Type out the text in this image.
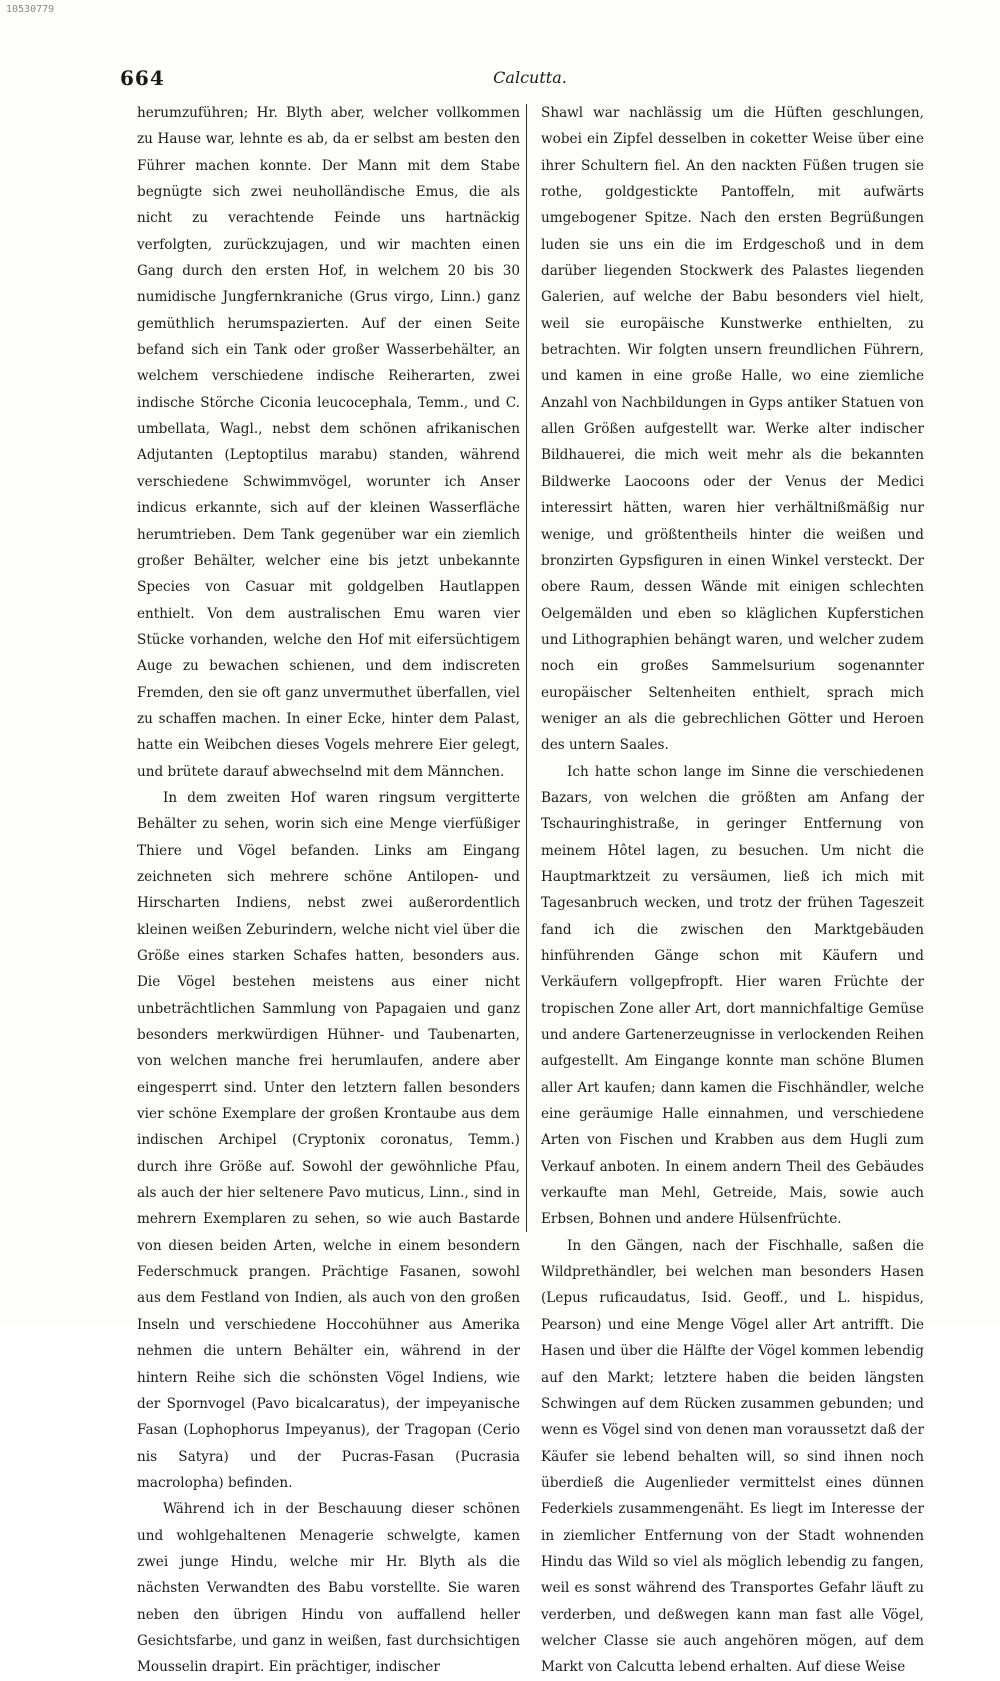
10530779
664	Calcutta.

herumzuführen; Hr. Blyth aber, welcher vollkommen zu Hause war, lehnte es ab, da er selbst am besten den Führer machen konnte. Der Mann mit dem Stabe begnügte sich zwei neuholländische Emus, die als nicht zu verachtende Feinde uns hartnäckig verfolgten, zurückzujagen, und wir machten einen Gang durch den ersten Hof, in welchem 20 bis 30 numidische Jungfernkraniche (Grus virgo, Linn.) ganz gemüthlich herumspazierten. Auf der einen Seite befand sich ein Tank oder großer Wasserbehälter, an welchem verschiedene indische Reiherarten, zwei indische Störche Ciconia leucocephala, Temm., und C. umbellata, Wagl., nebst dem schönen afrikanischen Adjutanten (Leptoptilus marabu) standen, während verschiedene Schwimmvögel, worunter ich Anser indicus erkannte, sich auf der kleinen Wasserfläche herumtrieben. Dem Tank gegenüber war ein ziemlich großer Behälter, welcher eine bis jetzt unbekannte Species von Casuar mit goldgelben Hautlappen enthielt. Von dem australischen Emu waren vier Stücke vorhanden, welche den Hof mit eifersüchtigem Auge zu bewachen schienen, und dem indiscreten Fremden, den sie oft ganz unvermuthet überfallen, viel zu schaffen machen. In einer Ecke, hinter dem Palast, hatte ein Weibchen dieses Vogels mehrere Eier gelegt, und brütete darauf abwechselnd mit dem Männchen.

In dem zweiten Hof waren ringsum vergitterte Behälter zu sehen, worin sich eine Menge vierfüßiger Thiere und Vögel befanden. Links am Eingang zeichneten sich mehrere schöne Antilopen- und Hirscharten Indiens, nebst zwei außerordentlich kleinen weißen Zeburindern, welche nicht viel über die Größe eines starken Schafes hatten, besonders aus. Die Vögel bestehen meistens aus einer nicht unbeträchtlichen Sammlung von Papagaien und ganz besonders merkwürdigen Hühner- und Taubenarten, von welchen manche frei herumlaufen, andere aber eingesperrt sind. Unter den letztern fallen besonders vier schöne Exemplare der großen Krontaube aus dem indischen Archipel (Cryptonix coronatus, Temm.) durch ihre Größe auf. Sowohl der gewöhnliche Pfau, als auch der hier seltenere Pavo muticus, Linn., sind in mehrern Exemplaren zu sehen, so wie auch Bastarde von diesen beiden Arten, welche in einem besondern Federschmuck prangen. Prächtige Fasanen, sowohl aus dem Festland von Indien, als auch von den großen Inseln und verschiedene Hoccohühner aus Amerika nehmen die untern Behälter ein, während in der hintern Reihe sich die schönsten Vögel Indiens, wie der Spornvogel (Pavo bicalcaratus), der impeyanische Fasan (Lophophorus Impeyanus), der Tragopan (Cerio nis Satyra) und der Pucras-Fasan (Pucrasia macrolopha) befinden.

Während ich in der Beschauung dieser schönen und wohlgehaltenen Menagerie schwelgte, kamen zwei junge Hindu, welche mir Hr. Blyth als die nächsten Verwandten des Babu vorstellte. Sie waren neben den übrigen Hindu von auffallend heller Gesichtsfarbe, und ganz in weißen, fast durchsichtigen Mousselin drapirt. Ein prächtiger, indischer

Shawl war nachlässig um die Hüften geschlungen, wobei ein Zipfel desselben in coketter Weise über eine ihrer Schultern fiel. An den nackten Füßen trugen sie rothe, goldgestickte Pantoffeln, mit aufwärts umgebogener Spitze. Nach den ersten Begrüßungen luden sie uns ein die im Erdgeschoß und in dem darüber liegenden Stockwerk des Palastes liegenden Galerien, auf welche der Babu besonders viel hielt, weil sie europäische Kunstwerke enthielten, zu betrachten. Wir folgten unsern freundlichen Führern, und kamen in eine große Halle, wo eine ziemliche Anzahl von Nachbildungen in Gyps antiker Statuen von allen Größen aufgestellt war. Werke alter indischer Bildhauerei, die mich weit mehr als die bekannten Bildwerke Laocoons oder der Venus der Medici interessirt hätten, waren hier verhältnißmäßig nur wenige, und größtentheils hinter die weißen und bronzirten Gypsfiguren in einen Winkel versteckt. Der obere Raum, dessen Wände mit einigen schlechten Oelgemälden und eben so kläglichen Kupferstichen und Lithographien behängt waren, und welcher zudem noch ein großes Sammelsurium sogenannter europäischer Seltenheiten enthielt, sprach mich weniger an als die gebrechlichen Götter und Heroen des untern Saales.

Ich hatte schon lange im Sinne die verschiedenen Bazars, von welchen die größten am Anfang der Tschauringhistraße, in geringer Entfernung von meinem Hôtel lagen, zu besuchen. Um nicht die Hauptmarktzeit zu versäumen, ließ ich mich mit Tagesanbruch wecken, und trotz der frühen Tageszeit fand ich die zwischen den Marktgebäuden hinführenden Gänge schon mit Käufern und Verkäufern vollgepfropft. Hier waren Früchte der tropischen Zone aller Art, dort mannichfaltige Gemüse und andere Gartenerzeugnisse in verlockenden Reihen aufgestellt. Am Eingange konnte man schöne Blumen aller Art kaufen; dann kamen die Fischhändler, welche eine geräumige Halle einnahmen, und verschiedene Arten von Fischen und Krabben aus dem Hugli zum Verkauf anboten. In einem andern Theil des Gebäudes verkaufte man Mehl, Getreide, Mais, sowie auch Erbsen, Bohnen und andere Hülsenfrüchte.

In den Gängen, nach der Fischhalle, saßen die Wildprethändler, bei welchen man besonders Hasen (Lepus ruficaudatus, Isid. Geoff., und L. hispidus, Pearson) und eine Menge Vögel aller Art antrifft. Die Hasen und über die Hälfte der Vögel kommen lebendig auf den Markt; letztere haben die beiden längsten Schwingen auf dem Rücken zusammen gebunden; und wenn es Vögel sind von denen man voraussetzt daß der Käufer sie lebend behalten will, so sind ihnen noch überdieß die Augenlieder vermittelst eines dünnen Federkiels zusammengenäht. Es liegt im Interesse der in ziemlicher Entfernung von der Stadt wohnenden Hindu das Wild so viel als möglich lebendig zu fangen, weil es sonst während des Transportes Gefahr läuft zu verderben, und deßwegen kann man fast alle Vögel, welcher Classe sie auch angehören mögen, auf dem Markt von Calcutta lebend erhalten. Auf diese Weise
